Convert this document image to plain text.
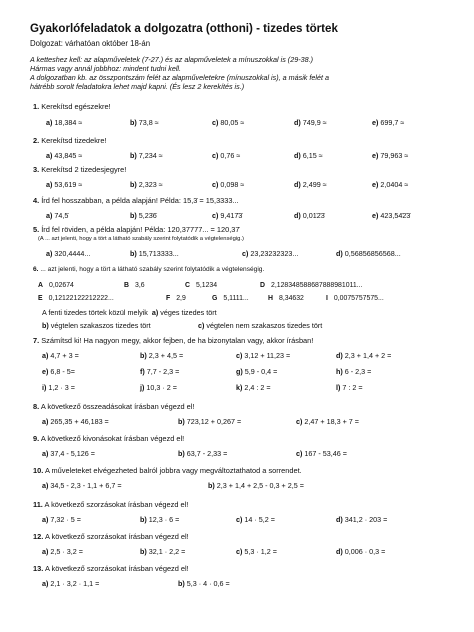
Gyakorlófeladatok a dolgozatra (otthoni) - tizedes törtek
Dolgozat: várhatóan október 18-án
A ketteshez kell: az alapműveletek (7-27.) és az alapműveletek a mínuszokkal is (29-38.)
Hármas vagy annál jobbhoz: mindent tudni kell.
A dolgozatban kb. az összpontszám felét az alapműveletekre (mínuszokkal is), a másik felét a
hátrébb sorolt feladatokra lehet majd kapni. (És lesz 2 kerekítés is.)
1. Kerekítsd egészekre!
a) 18,384 ≈	b) 73,8 ≈	c) 80,05 ≈	d) 749,9 ≈	e) 699,7 ≈
2. Kerekítsd tizedekre!
a) 43,845 ≈	b) 7,234 ≈	c) 0,76 ≈	d) 6,15 ≈	e) 79,963 ≈
3. Kerekítsd 2 tizedesjegyre!
a) 53,619 ≈	b) 2,323 ≈	c) 0,098 ≈	d) 2,499 ≈	e) 2,0404 ≈
4. Írd fel hosszabban, a példa alapján! Példa: 15,3̇ = 15,3333...
a) 74,5̇	b) 5,23̇6̇	c) 9,417̇3̇	d) 0,01̇2̇3̇	e) 423,54̇2̇3̇
5. Írd fel röviden, a példa alapján! Példa: 120,37777... = 120,37̇
(A ... azt jelenti, hogy a tört a látható szabály szerint folytatódik a végtelenségig.)
a) 320,4444...	b) 15,713333...	c) 23,23232323...	d) 0,56856856568...
6. ... azt jelenti, hogy a tört a látható szabály szerint folytatódik a végtelenségig.
A 0,02674	B 3,6	C 5,1234	D 2,128348588687888981011...
E 0,12122122212222...	F 2,9	G 5,1111...	H 8,34632	I 0,0075757575...
A fenti tizedes törtek közül melyik a) véges tizedes tört
b) végtelen szakaszos tizedes tört	c) végtelen nem szakaszos tizedes tört
7. Számítsd ki! Ha nagyon megy, akkor fejben, de ha bizonytalan vagy, akkor írásban!
a) 4,7 + 3 =	b) 2,3 + 4,5 =	c) 3,12 + 11,23 =	d) 2,3 + 1,4 + 2 =
e) 6,8 - 5=	f) 7,7 - 2,3 =	g) 5,9 - 0,4 =	h) 6 - 2,3 =
i) 1,2 · 3 =	j) 10,3 · 2 =	k) 2,4 : 2 =	l) 7 : 2 =
8. A következő összeadásokat írásban végezd el!
a) 265,35 + 46,183 =	b) 723,12 + 0,267 =	c) 2,47 + 18,3 + 7 =
9. A következő kivonásokat írásban végezd el!
a) 37,4 - 5,126 =	b) 63,7 - 2,33 =	c) 167 - 53,46 =
10. A műveleteket elvégezheted balról jobbra vagy megváltoztathatod a sorrendet.
a) 34,5 - 2,3 - 1,1 + 6,7 =	b) 2,3 + 1,4 + 2,5 - 0,3 + 2,5 =
11. A következő szorzásokat írásban végezd el!
a) 7,32 · 5 =	b) 12,3 · 6 =	c) 14 · 5,2 =	d) 341,2 · 203 =
12. A következő szorzásokat írásban végezd el!
a) 2,5 · 3,2 =	b) 32,1 · 2,2 =	c) 5,3 · 1,2 =	d) 0,006 · 0,3 =
13. A következő szorzásokat írásban végezd el!
a) 2,1 · 3,2 · 1,1 =	b) 5,3 · 4 · 0,6 =
